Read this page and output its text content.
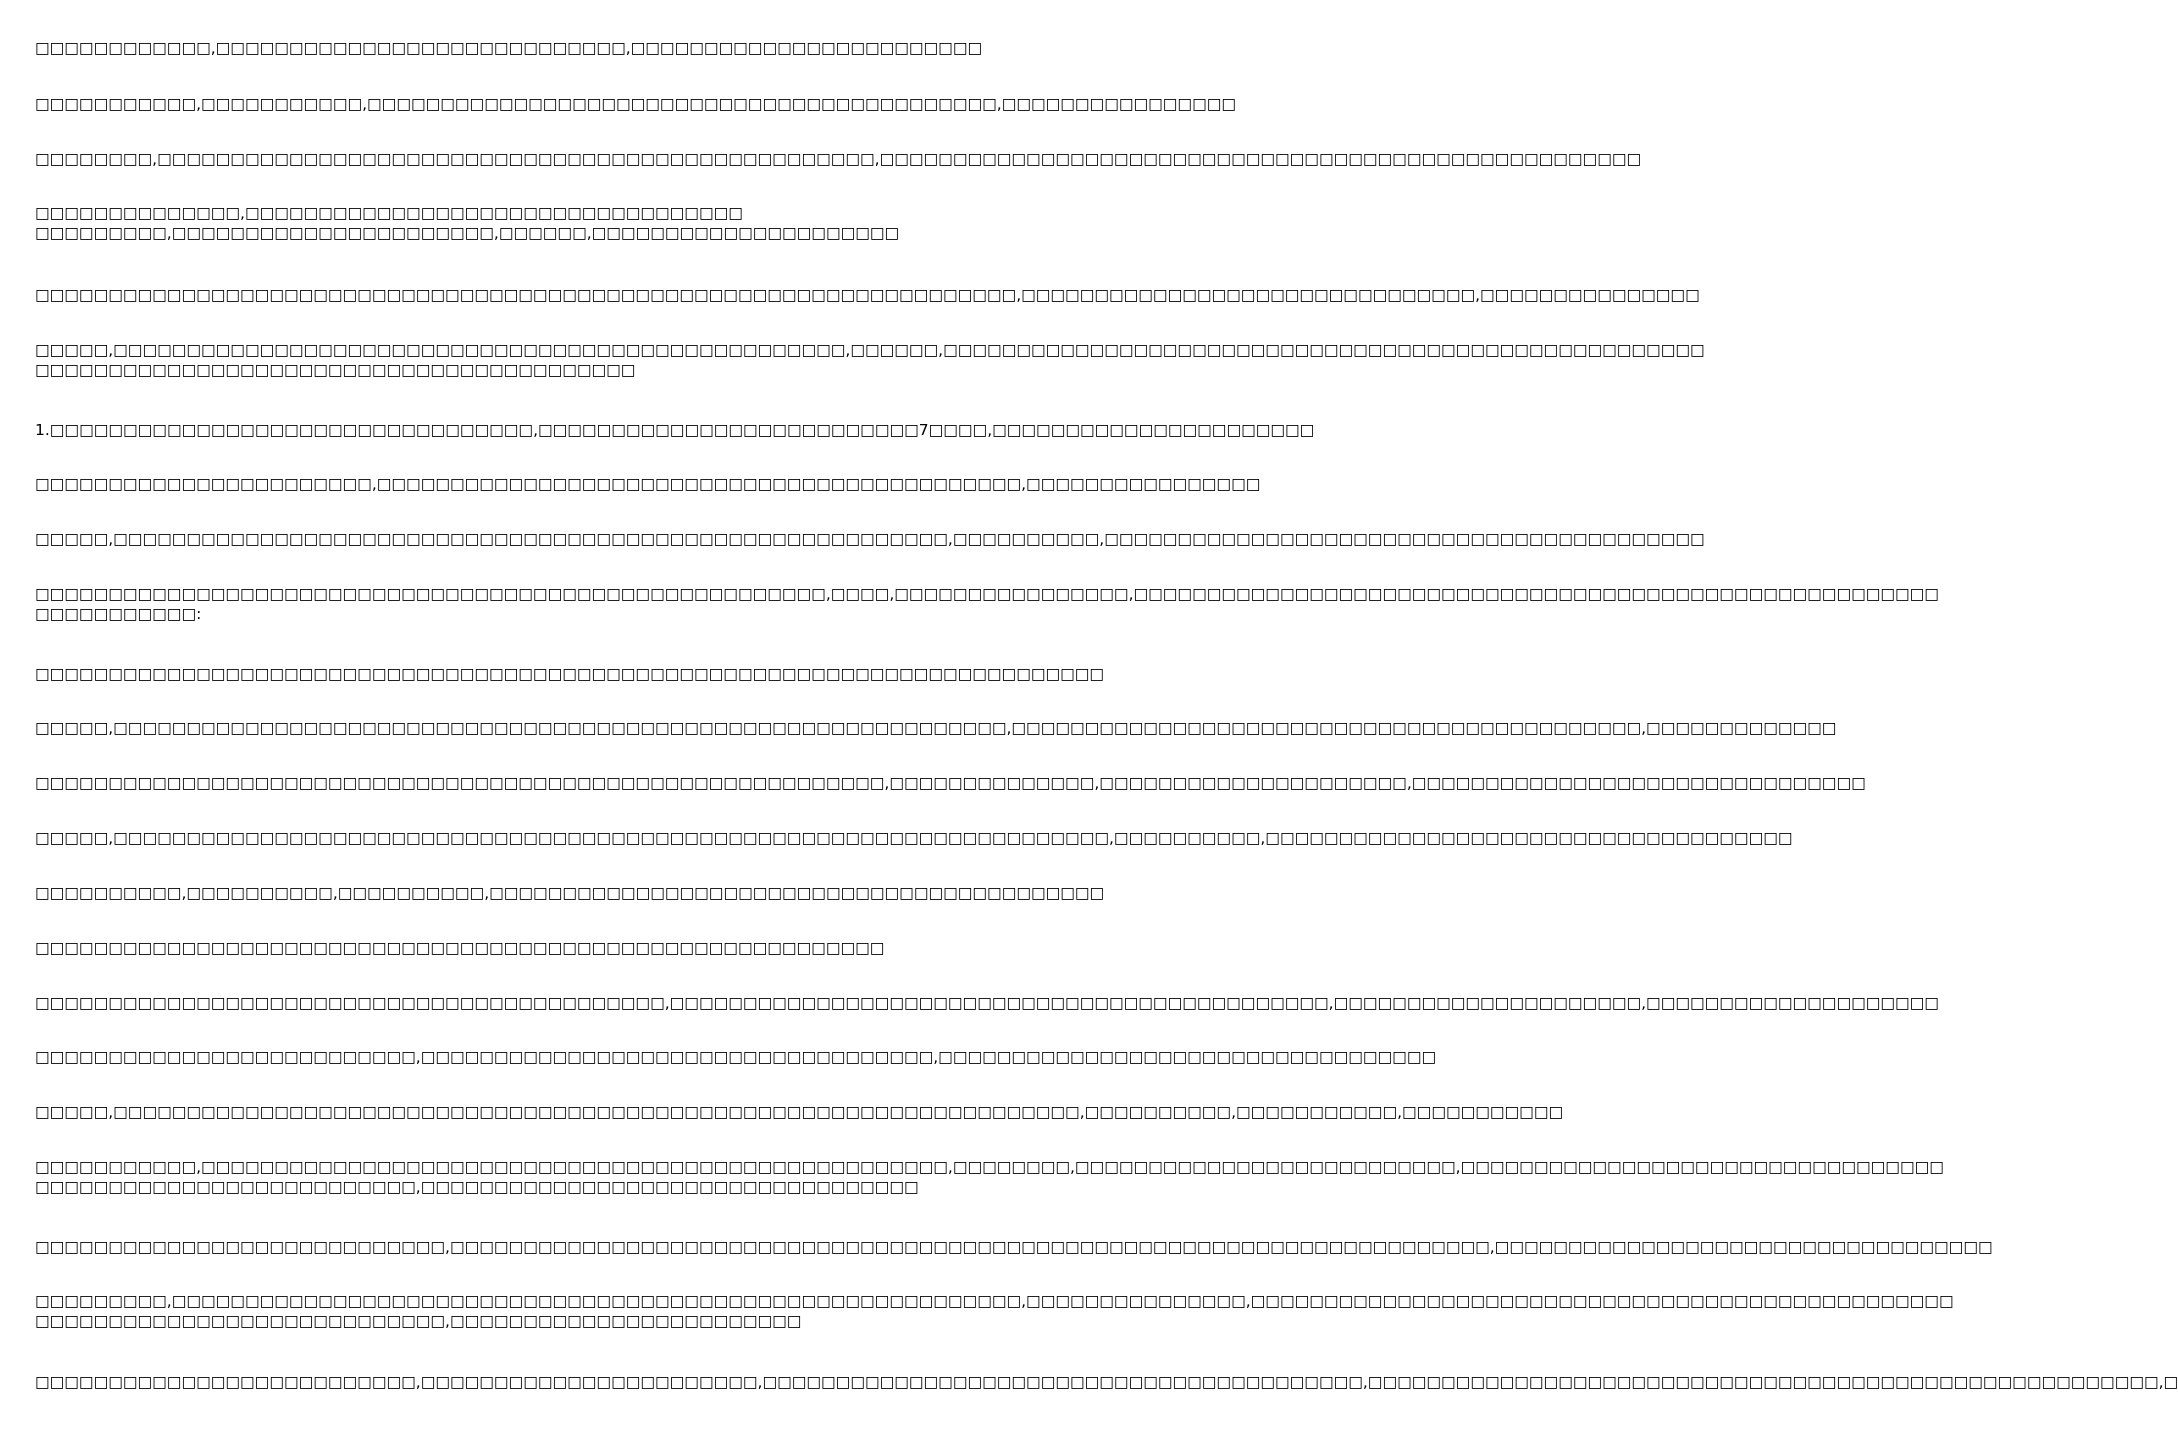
□□□□□□□□□□□□,□□□□□□□□□□□□□□□□□□□□□□□□□□□□,□□□□□□□□□□□□□□□□□□□□□□□□
□□□□□□□□□□□,□□□□□□□□□□□,□□□□□□□□□□□□□□□□□□□□□□□□□□□□□□□□□□□□□□□□□□□,□□□□□□□□□□□□□□□□
□□□□□□□□,□□□□□□□□□□□□□□□□□□□□□□□□□□□□□□□□□□□□□□□□□□□□□□□□□,□□□□□□□□□□□□□□□□□□□□□□□□□□□□□□□□□□□□□□□□□□□□□□□□□□□□
□□□□□□□□□□□□□□,□□□□□□□□□□□□□□□□□□□□□□□□□□□□□□□□□□
□□□□□□□□□,□□□□□□□□□□□□□□□□□□□□□□,□□□□□□,□□□□□□□□□□□□□□□□□□□□□
□□□□□□□□□□□□□□□□□□□□□□□□□□□□□□□□□□□□□□□□□□□□□□□□□□□□□□□□□□□□□□□□□□□,□□□□□□□□□□□□□□□□□□□□□□□□□□□□□□□,□□□□□□□□□□□□□□□
□□□□□,□□□□□□□□□□□□□□□□□□□□□□□□□□□□□□□□□□□□□□□□□□□□□□□□□□,□□□□□□,□□□□□□□□□□□□□□□□□□□□□□□□□□□□□□□□□□□□□□□□□□□□□□□□□□□□
□□□□□□□□□□□□□□□□□□□□□□□□□□□□□□□□□□□□□□□□□
1.□□□□□□□□□□□□□□□□□□□□□□□□□□□□□□□□□,□□□□□□□□□□□□□□□□□□□□□□□□□□7□□□□,□□□□□□□□□□□□□□□□□□□□□□
□□□□□□□□□□□□□□□□□□□□□□□,□□□□□□□□□□□□□□□□□□□□□□□□□□□□□□□□□□□□□□□□□□□□,□□□□□□□□□□□□□□□□
□□□□□,□□□□□□□□□□□□□□□□□□□□□□□□□□□□□□□□□□□□□□□□□□□□□□□□□□□□□□□□□,□□□□□□□□□□,□□□□□□□□□□□□□□□□□□□□□□□□□□□□□□□□□□□□□□□□□
□□□□□□□□□□□□□□□□□□□□□□□□□□□□□□□□□□□□□□□□□□□□□□□□□□□□□□,□□□□,□□□□□□□□□□□□□□□□,□□□□□□□□□□□□□□□□□□□□□□□□□□□□□□□□□□□□□□□□□□□□□□□□□□□□□□□
□□□□□□□□□□□:
□□□□□□□□□□□□□□□□□□□□□□□□□□□□□□□□□□□□□□□□□□□□□□□□□□□□□□□□□□□□□□□□□□□□□□□□□
□□□□□,□□□□□□□□□□□□□□□□□□□□□□□□□□□□□□□□□□□□□□□□□□□□□□□□□□□□□□□□□□□□□,□□□□□□□□□□□□□□□□□□□□□□□□□□□□□□□□□□□□□□□□□□□,□□□□□□□□□□□□□
□□□□□□□□□□□□□□□□□□□□□□□□□□□□□□□□□□□□□□□□□□□□□□□□□□□□□□□□□□,□□□□□□□□□□□□□□,□□□□□□□□□□□□□□□□□□□□□,□□□□□□□□□□□□□□□□□□□□□□□□□□□□□□□
□□□□□,□□□□□□□□□□□□□□□□□□□□□□□□□□□□□□□□□□□□□□□□□□□□□□□□□□□□□□□□□□□□□□□□□□□□,□□□□□□□□□□,□□□□□□□□□□□□□□□□□□□□□□□□□□□□□□□□□□□□
□□□□□□□□□□,□□□□□□□□□□,□□□□□□□□□□,□□□□□□□□□□□□□□□□□□□□□□□□□□□□□□□□□□□□□□□□□□
□□□□□□□□□□□□□□□□□□□□□□□□□□□□□□□□□□□□□□□□□□□□□□□□□□□□□□□□□□
□□□□□□□□□□□□□□□□□□□□□□□□□□□□□□□□□□□□□□□□□□□,□□□□□□□□□□□□□□□□□□□□□□□□□□□□□□□□□□□□□□□□□□□□□,□□□□□□□□□□□□□□□□□□□□□,□□□□□□□□□□□□□□□□□□□□
□□□□□□□□□□□□□□□□□□□□□□□□□□,□□□□□□□□□□□□□□□□□□□□□□□□□□□□□□□□□□□,□□□□□□□□□□□□□□□□□□□□□□□□□□□□□□□□□□
□□□□□,□□□□□□□□□□□□□□□□□□□□□□□□□□□□□□□□□□□□□□□□□□□□□□□□□□□□□□□□□□□□□□□□□□,□□□□□□□□□□,□□□□□□□□□□□,□□□□□□□□□□□
□□□□□□□□□□□,□□□□□□□□□□□□□□□□□□□□□□□□□□□□□□□□□□□□□□□□□□□□□□□□□□□,□□□□□□□□,□□□□□□□□□□□□□□□□□□□□□□□□□□,□□□□□□□□□□□□□□□□□□□□□□□□□□□□□□□□□
□□□□□□□□□□□□□□□□□□□□□□□□□□,□□□□□□□□□□□□□□□□□□□□□□□□□□□□□□□□□□
□□□□□□□□□□□□□□□□□□□□□□□□□□□□,□□□□□□□□□□□□□□□□□□□□□□□□□□□□□□□□□□□□□□□□□□□□□□□□□□□□□□□□□□□□□□□□□□□□□□□,□□□□□□□□□□□□□□□□□□□□□□□□□□□□□□□□□□
□□□□□□□□□,□□□□□□□□□□□□□□□□□□□□□□□□□□□□□□□□□□□□□□□□□□□□□□□□□□□□□□□□□□,□□□□□□□□□□□□□□□,□□□□□□□□□□□□□□□□□□□□□□□□□□□□□□□□□□□□□□□□□□□□□□□□
□□□□□□□□□□□□□□□□□□□□□□□□□□□□,□□□□□□□□□□□□□□□□□□□□□□□□
□□□□□□□□□□□□□□□□□□□□□□□□□□,□□□□□□□□□□□□□□□□□□□□□□□,□□□□□□□□□□□□□□□□□□□□□□□□□□□□□□□□□□□□□□□□□,□□□□□□□□□□□□□□□□□□□□□□□□□□□□□□□□□□□□□□□□□□□□□□□□□□□□□□,□
